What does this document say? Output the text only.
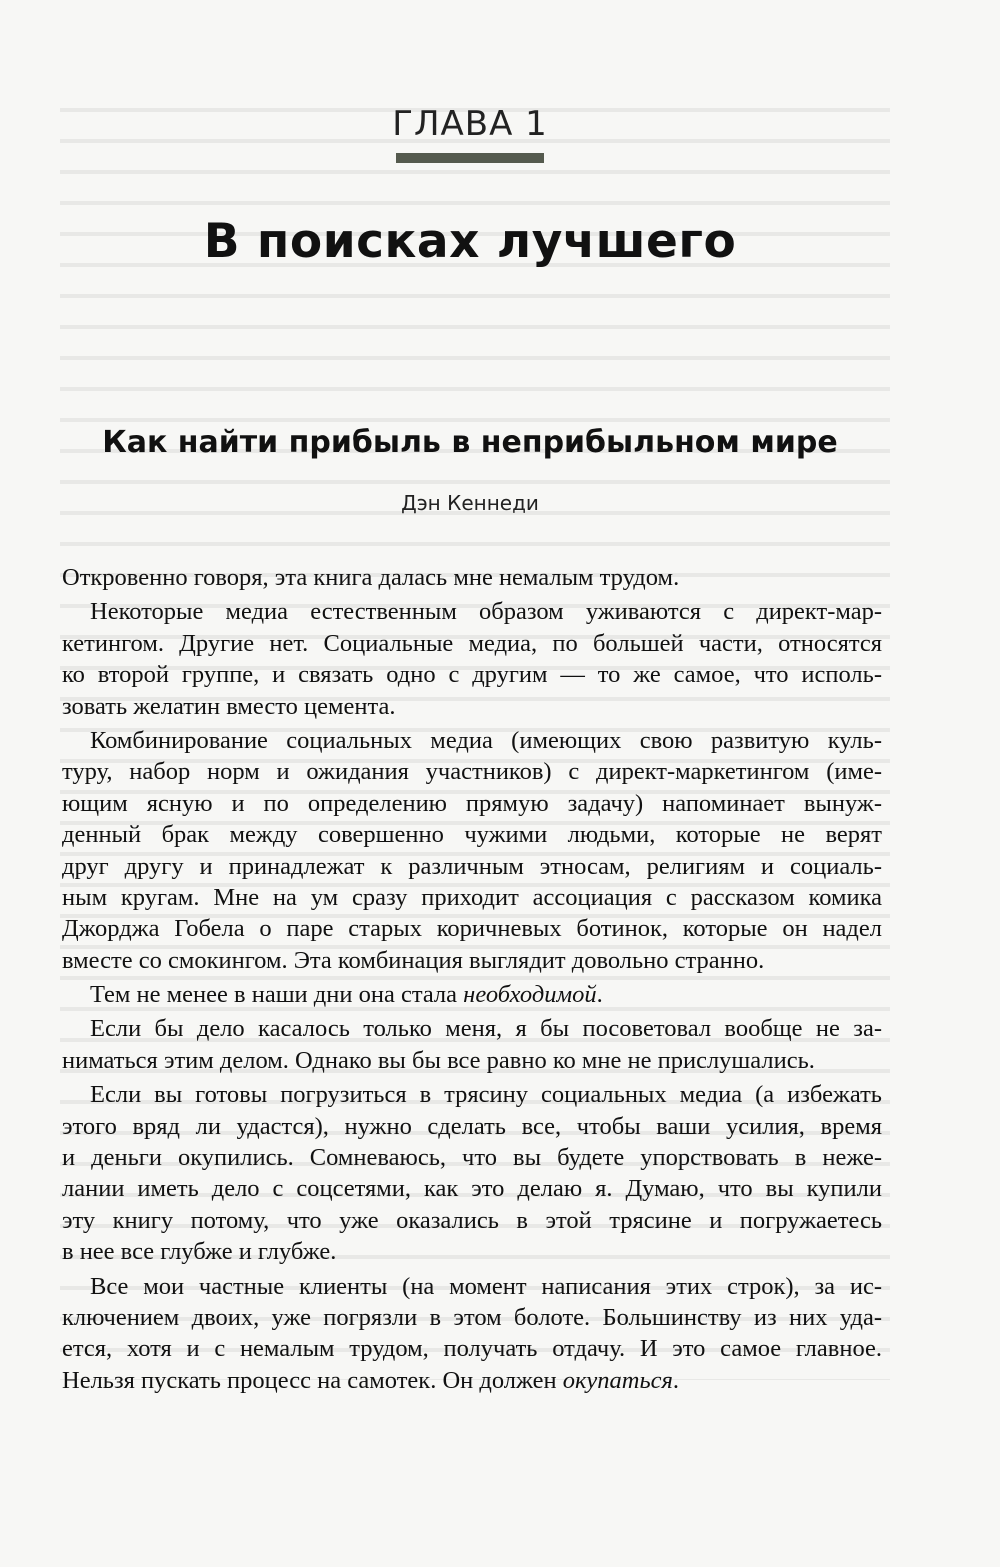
ГЛАВА 1
В поисках лучшего
Как найти прибыль в неприбыльном мире
Дэн Кеннеди
Откровенно говоря, эта книга далась мне немалым трудом.
Некоторые медиа естественным образом уживаются с директ-мар-
кетингом. Другие нет. Социальные медиа, по большей части, относятся
ко второй группе, и связать одно с другим — то же самое, что исполь-
зовать желатин вместо цемента.
Комбинирование социальных медиа (имеющих свою развитую куль-
туру, набор норм и ожидания участников) с директ-маркетингом (име-
ющим ясную и по определению прямую задачу) напоминает вынуж-
денный брак между совершенно чужими людьми, которые не верят
друг другу и принадлежат к различным этносам, религиям и социаль-
ным кругам. Мне на ум сразу приходит ассоциация с рассказом комика
Джорджа Гобела о паре старых коричневых ботинок, которые он надел
вместе со смокингом. Эта комбинация выглядит довольно странно.
Тем не менее в наши дни она стала необходимой.
Если бы дело касалось только меня, я бы посоветовал вообще не за-
ниматься этим делом. Однако вы бы все равно ко мне не прислушались.
Если вы готовы погрузиться в трясину социальных медиа (а избежать
этого вряд ли удастся), нужно сделать все, чтобы ваши усилия, время
и деньги окупились. Сомневаюсь, что вы будете упорствовать в неже-
лании иметь дело с соцсетями, как это делаю я. Думаю, что вы купили
эту книгу потому, что уже оказались в этой трясине и погружаетесь
в нее все глубже и глубже.
Все мои частные клиенты (на момент написания этих строк), за ис-
ключением двоих, уже погрязли в этом болоте. Большинству из них уда-
ется, хотя и с немалым трудом, получать отдачу. И это самое главное.
Нельзя пускать процесс на самотек. Он должен окупаться.
